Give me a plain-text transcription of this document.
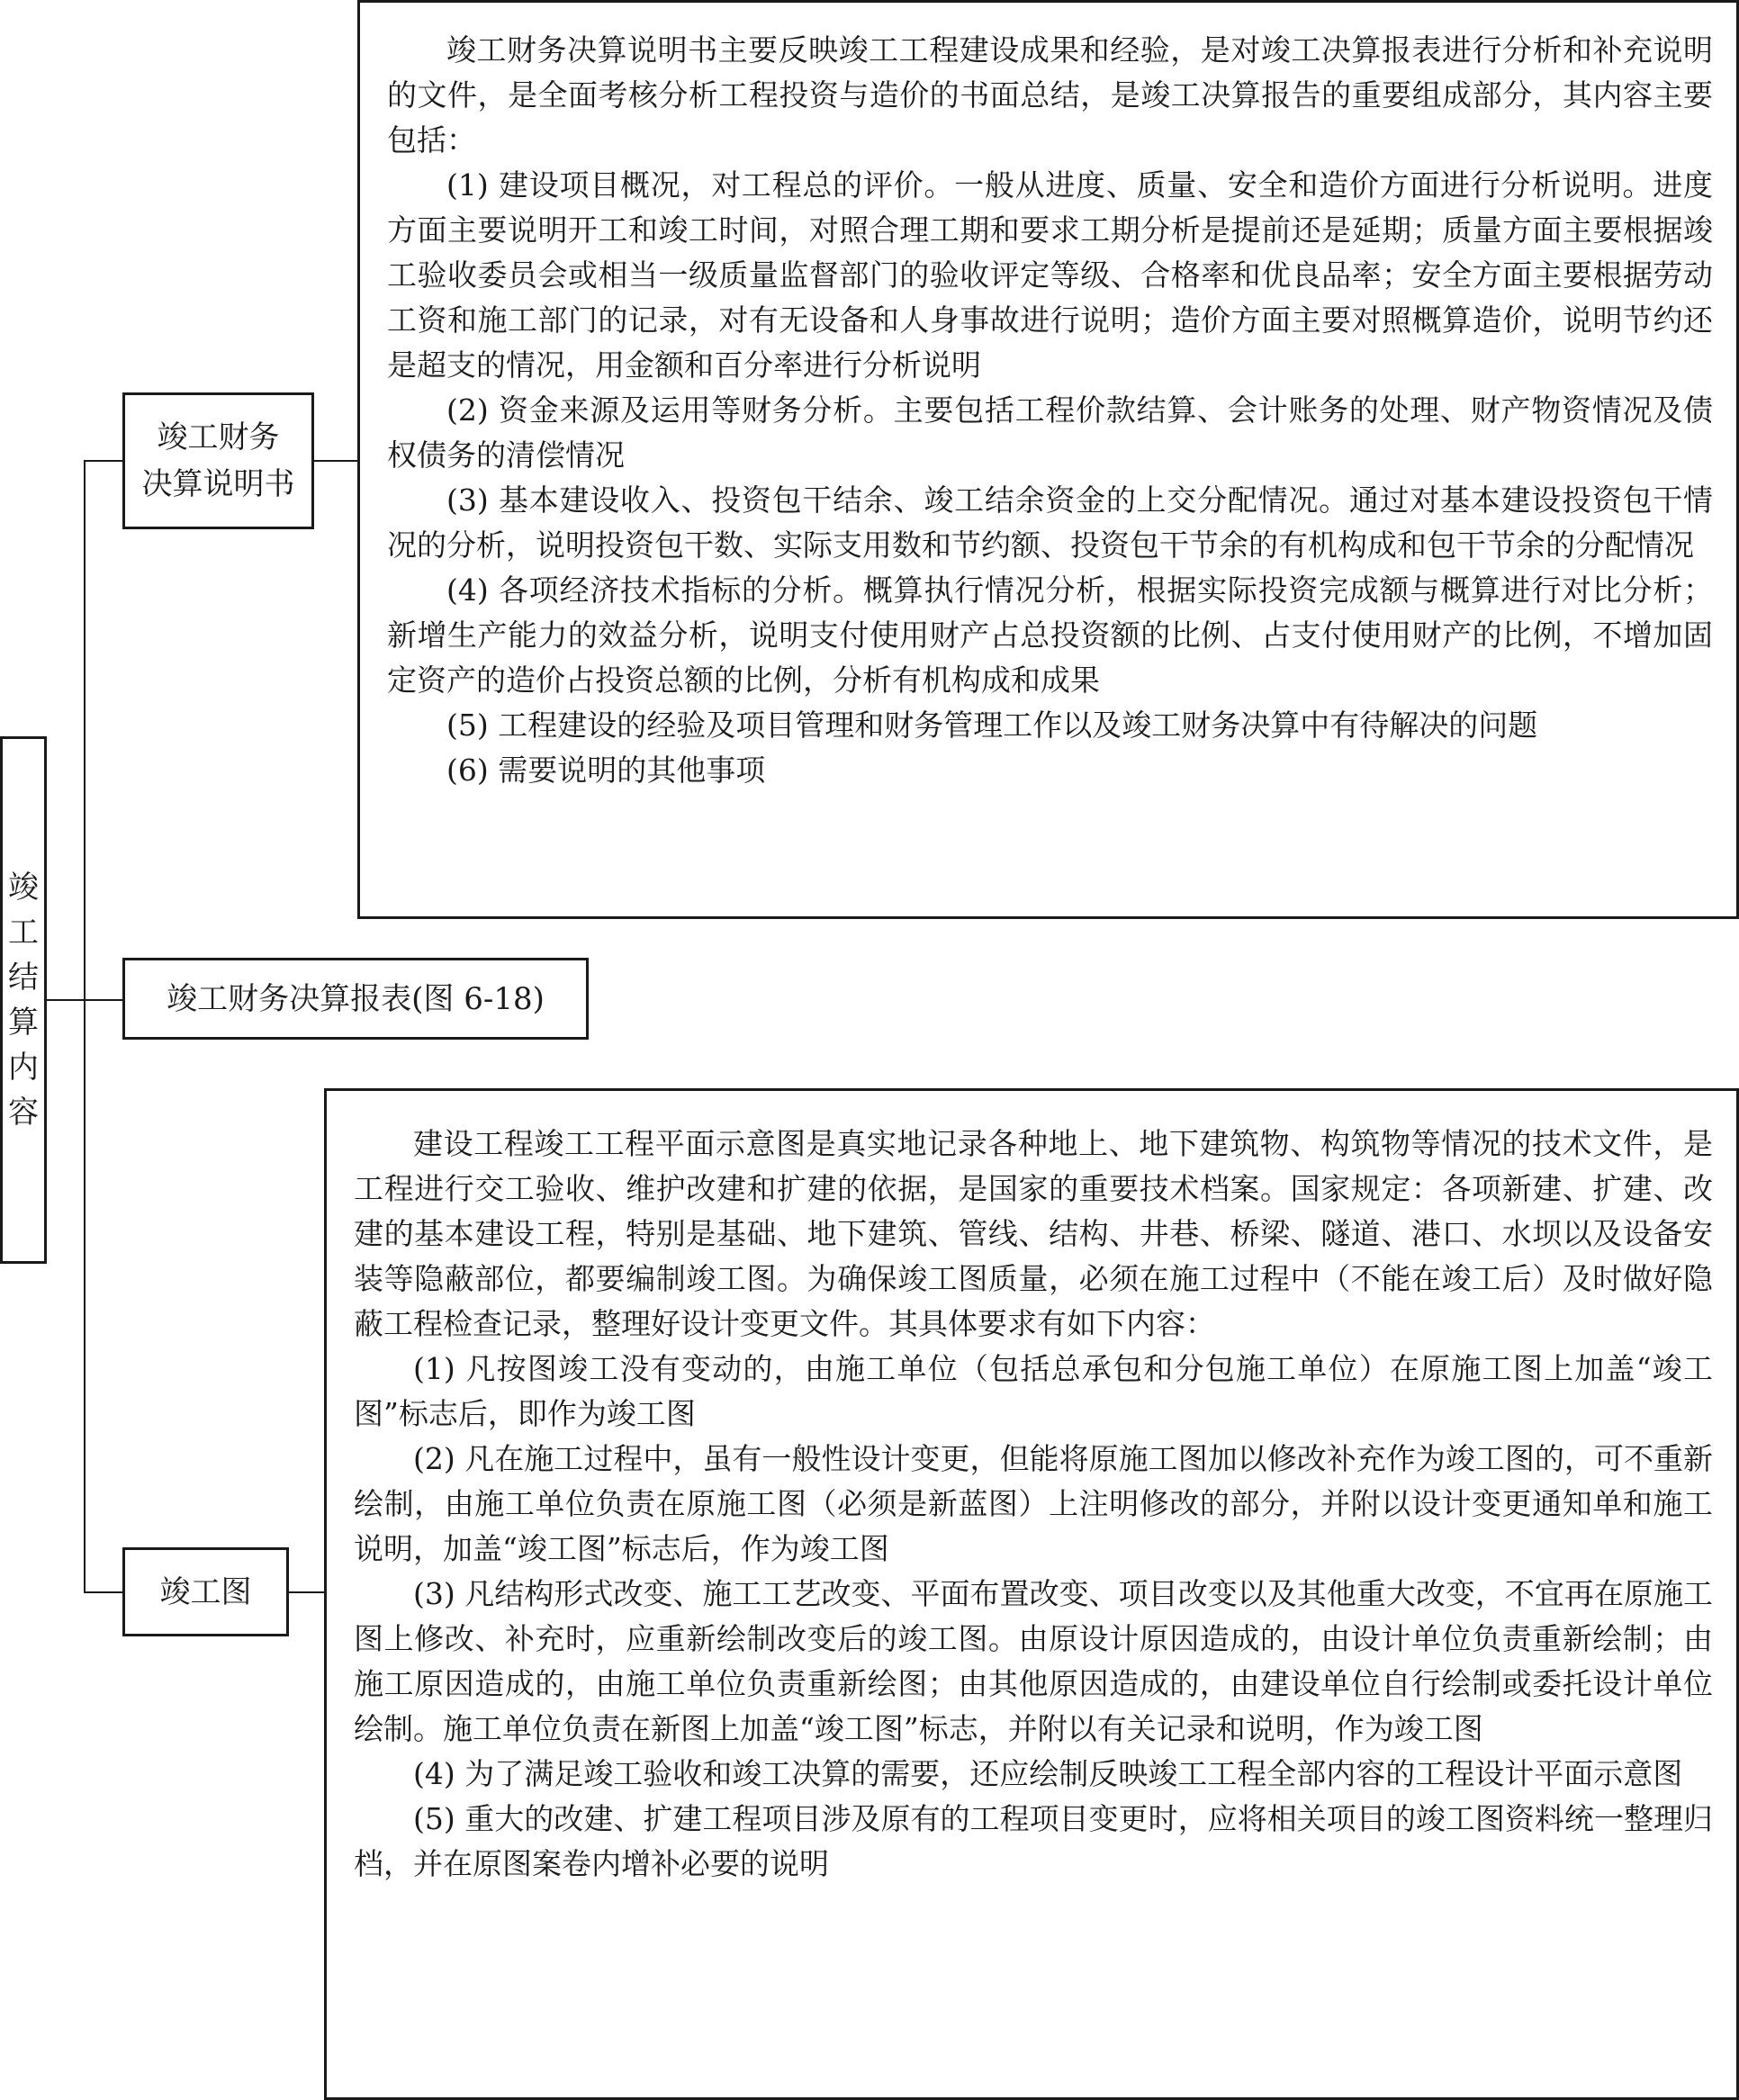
竣
工
结
算
内
容
竣工财务
决算说明书
竣工财务决算报表(图 6-18)
竣工图

竣工财务决算说明书主要反映竣工工程建设成果和经验，是对竣工决算报表进行分析和补充说明的文件，是全面考核分析工程投资与造价的书面总结，是竣工决算报告的重要组成部分，其内容主要包括：

(1) 建设项目概况，对工程总的评价。一般从进度、质量、安全和造价方面进行分析说明。进度方面主要说明开工和竣工时间，对照合理工期和要求工期分析是提前还是延期；质量方面主要根据竣工验收委员会或相当一级质量监督部门的验收评定等级、合格率和优良品率；安全方面主要根据劳动工资和施工部门的记录，对有无设备和人身事故进行说明；造价方面主要对照概算造价，说明节约还是超支的情况，用金额和百分率进行分析说明

(2) 资金来源及运用等财务分析。主要包括工程价款结算、会计账务的处理、财产物资情况及债权债务的清偿情况

(3) 基本建设收入、投资包干结余、竣工结余资金的上交分配情况。通过对基本建设投资包干情况的分析，说明投资包干数、实际支用数和节约额、投资包干节余的有机构成和包干节余的分配情况

(4) 各项经济技术指标的分析。概算执行情况分析，根据实际投资完成额与概算进行对比分析；新增生产能力的效益分析，说明支付使用财产占总投资额的比例、占支付使用财产的比例，不增加固定资产的造价占投资总额的比例，分析有机构成和成果

(5) 工程建设的经验及项目管理和财务管理工作以及竣工财务决算中有待解决的问题

(6) 需要说明的其他事项

建设工程竣工工程平面示意图是真实地记录各种地上、地下建筑物、构筑物等情况的技术文件，是工程进行交工验收、维护改建和扩建的依据，是国家的重要技术档案。国家规定：各项新建、扩建、改建的基本建设工程，特别是基础、地下建筑、管线、结构、井巷、桥梁、隧道、港口、水坝以及设备安装等隐蔽部位，都要编制竣工图。为确保竣工图质量，必须在施工过程中（不能在竣工后）及时做好隐蔽工程检查记录，整理好设计变更文件。其具体要求有如下内容：

(1) 凡按图竣工没有变动的，由施工单位（包括总承包和分包施工单位）在原施工图上加盖“竣工图”标志后，即作为竣工图

(2) 凡在施工过程中，虽有一般性设计变更，但能将原施工图加以修改补充作为竣工图的，可不重新绘制，由施工单位负责在原施工图（必须是新蓝图）上注明修改的部分，并附以设计变更通知单和施工说明，加盖“竣工图”标志后，作为竣工图

(3) 凡结构形式改变、施工工艺改变、平面布置改变、项目改变以及其他重大改变，不宜再在原施工图上修改、补充时，应重新绘制改变后的竣工图。由原设计原因造成的，由设计单位负责重新绘制；由施工原因造成的，由施工单位负责重新绘图；由其他原因造成的，由建设单位自行绘制或委托设计单位绘制。施工单位负责在新图上加盖“竣工图”标志，并附以有关记录和说明，作为竣工图

(4) 为了满足竣工验收和竣工决算的需要，还应绘制反映竣工工程全部内容的工程设计平面示意图

(5) 重大的改建、扩建工程项目涉及原有的工程项目变更时，应将相关项目的竣工图资料统一整理归档，并在原图案卷内增补必要的说明
